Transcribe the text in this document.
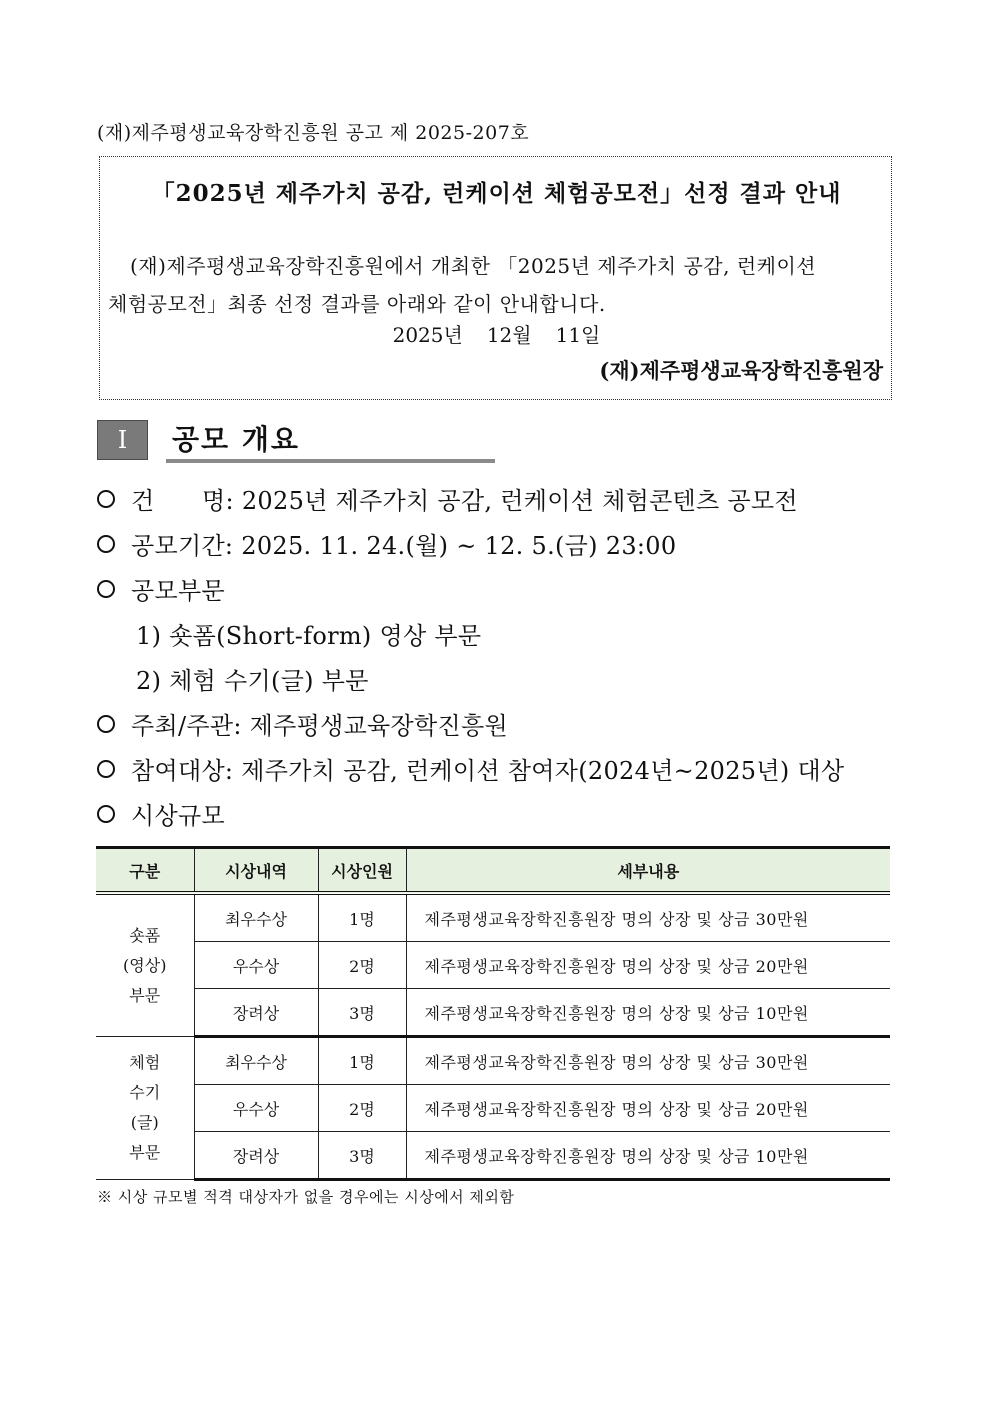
(재)제주평생교육장학진흥원 공고 제 2025-207호
「2025년 제주가치 공감, 런케이션 체험공모전」선정 결과 안내
(재)제주평생교육장학진흥원에서 개최한 「2025년 제주가치 공감, 런케이션
체험공모전」최종 선정 결과를 아래와 같이 안내합니다.
2025년 12월 11일
(재)제주평생교육장학진흥원장
Ⅰ	공모 개요
건      명: 2025년 제주가치 공감, 런케이션 체험콘텐츠 공모전
공모기간: 2025. 11. 24.(월) ~ 12. 5.(금) 23:00
공모부문
1) 숏폼(Short-form) 영상 부문
2) 체험 수기(글) 부문
주최/주관: 제주평생교육장학진흥원
참여대상: 제주가치 공감, 런케이션 참여자(2024년~2025년) 대상
시상규모
구분	시상내역	시상인원	세부내용

숏폼
(영상)
부문	최우수상	1명	제주평생교육장학진흥원장 명의 상장 및 상금 30만원
	우수상	2명	제주평생교육장학진흥원장 명의 상장 및 상금 20만원
	장려상	3명	제주평생교육장학진흥원장 명의 상장 및 상금 10만원

체험
수기
(글)
부문	최우수상	1명	제주평생교육장학진흥원장 명의 상장 및 상금 30만원
	우수상	2명	제주평생교육장학진흥원장 명의 상장 및 상금 20만원
	장려상	3명	제주평생교육장학진흥원장 명의 상장 및 상금 10만원
※ 시상 규모별 적격 대상자가 없을 경우에는 시상에서 제외함
